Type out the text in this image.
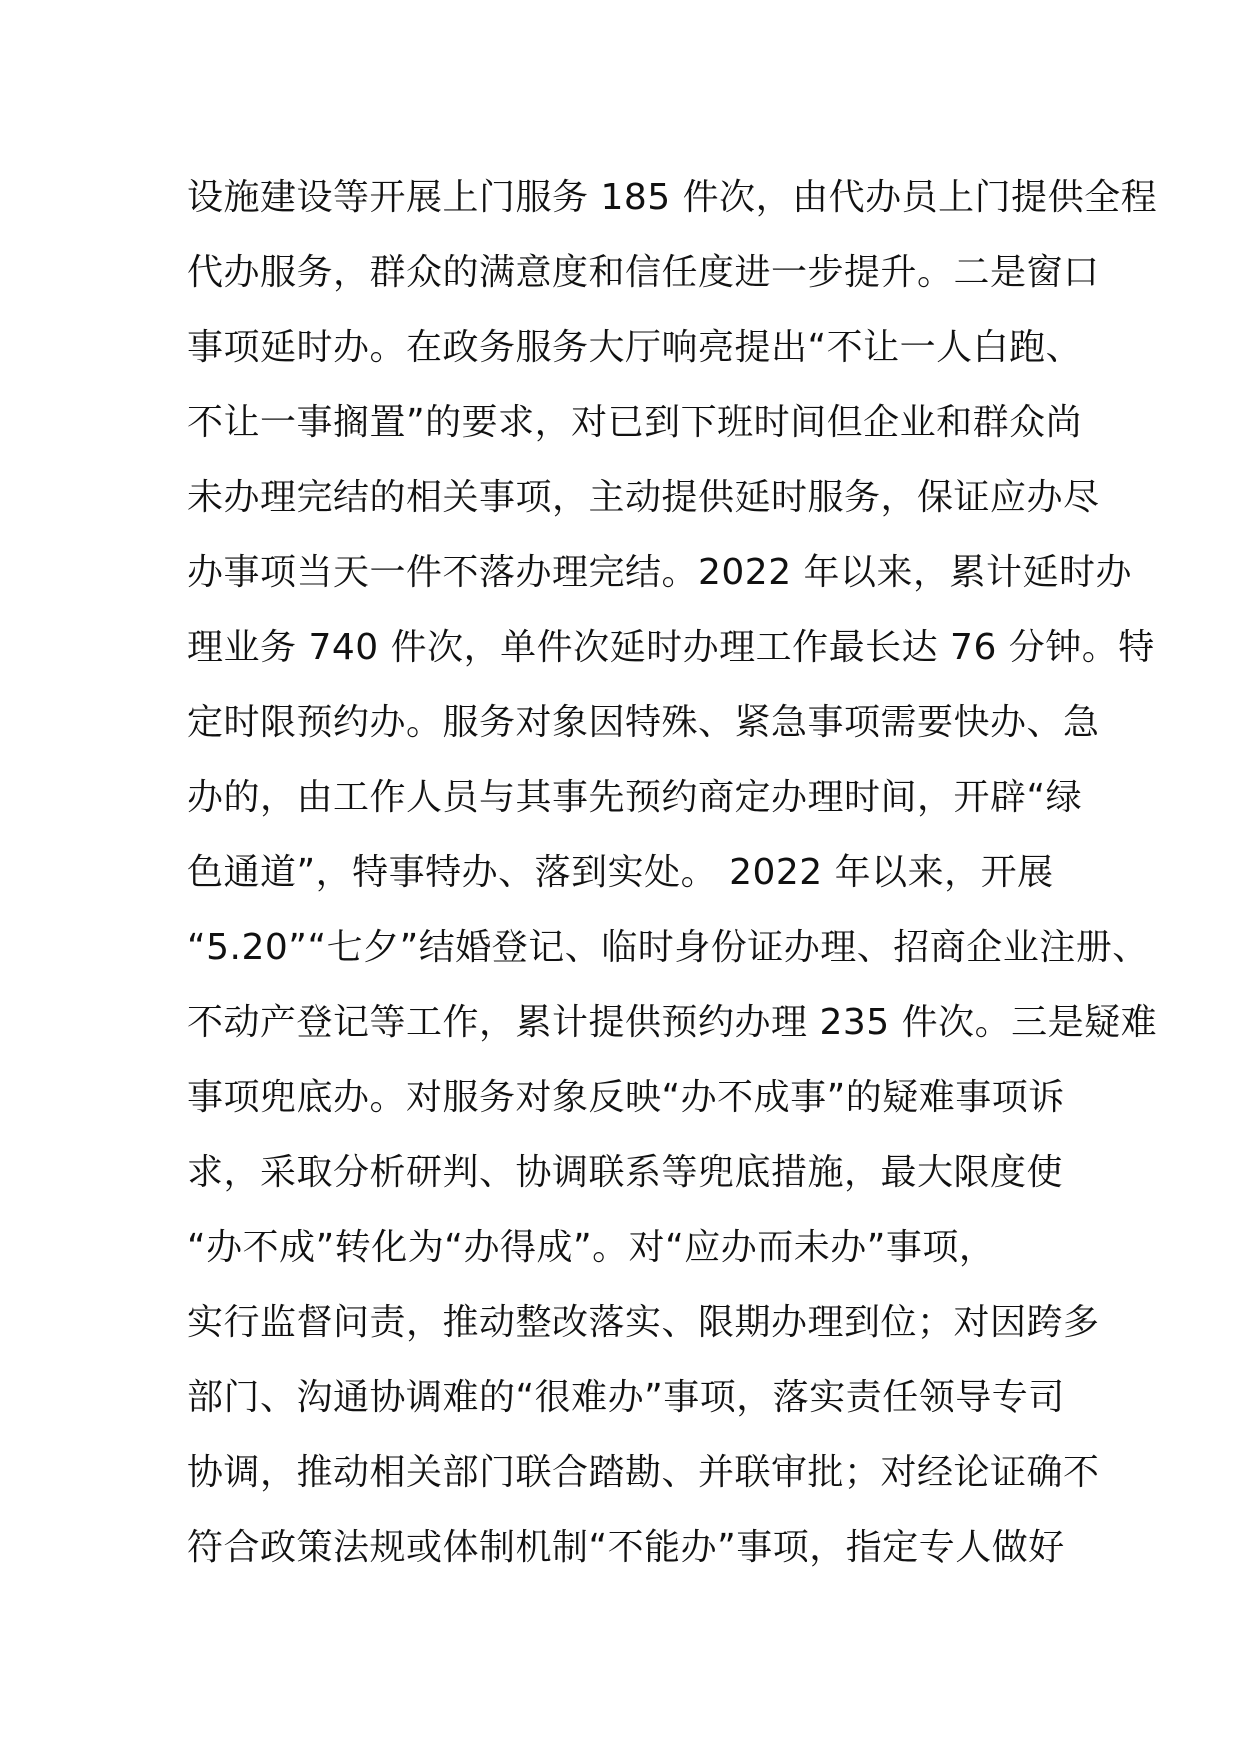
设施建设等开展上门服务 185 件次，由代办员上门提供全程
代办服务，群众的满意度和信任度进一步提升。二是窗口
事项延时办。在政务服务大厅响亮提出“不让一人白跑、
不让一事搁置”的要求，对已到下班时间但企业和群众尚
未办理完结的相关事项，主动提供延时服务，保证应办尽
办事项当天一件不落办理完结。2022 年以来，累计延时办
理业务 740 件次，单件次延时办理工作最长达 76 分钟。特
定时限预约办。服务对象因特殊、紧急事项需要快办、急
办的，由工作人员与其事先预约商定办理时间，开辟“绿
色通道”，特事特办、落到实处。 2022 年以来，开展
“5.20”“七夕”结婚登记、临时身份证办理、招商企业注册、
不动产登记等工作，累计提供预约办理 235 件次。三是疑难
事项兜底办。对服务对象反映“办不成事”的疑难事项诉
求，采取分析研判、协调联系等兜底措施，最大限度使
“办不成”转化为“办得成”。对“应办而未办”事项，
实行监督问责，推动整改落实、限期办理到位；对因跨多
部门、沟通协调难的“很难办”事项，落实责任领导专司
协调，推动相关部门联合踏勘、并联审批；对经论证确不
符合政策法规或体制机制“不能办”事项，指定专人做好
